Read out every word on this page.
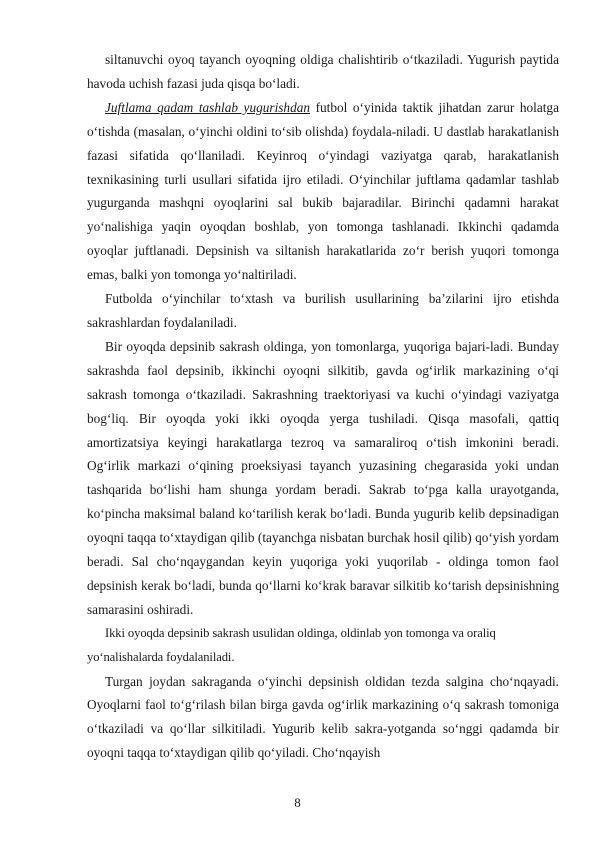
siltanuvchi oyoq tayanch oyoqning oldiga chalishtirib o‘tkaziladi. Yugurish paytida havoda uchish fazasi juda qisqa bo‘ladi.

Juftlama qadam tashlab yugurishdan futbol o‘yinida taktik jihatdan zarur holatga o‘tishda (masalan, o‘yinchi oldini to‘sib olishda) foydala-niladi. U dastlab harakatlanish fazasi sifatida qo‘llaniladi. Keyinroq o‘yindagi vaziyatga qarab, harakatlanish texnikasining turli usullari sifatida ijro etiladi. O‘yinchilar juftlama qadamlar tashlab yugurganda mashqni oyoqlarini sal bukib bajaradilar. Birinchi qadamni harakat yo‘nalishiga yaqin oyoqdan boshlab, yon tomonga tashlanadi. Ikkinchi qadamda oyoqlar juftlanadi. Depsinish va siltanish harakatlarida zo‘r berish yuqori tomonga emas, balki yon tomonga yo‘naltiriladi.

Futbolda o‘yinchilar to‘xtash va burilish usullarining ba’zilarini ijro etishda sakrashlardan foydalaniladi.

Bir oyoqda depsinib sakrash oldinga, yon tomonlarga, yuqoriga bajari-ladi. Bunday sakrashda faol depsinib, ikkinchi oyoqni silkitib, gavda og‘irlik markazining o‘qi sakrash tomonga o‘tkaziladi. Sakrashning traektoriyasi va kuchi o‘yindagi vaziyatga bog‘liq. Bir oyoqda yoki ikki oyoqda yerga tushiladi. Qisqa masofali, qattiq amortizatsiya keyingi harakatlarga tezroq va samaraliroq o‘tish imkonini beradi. Og‘irlik markazi o‘qining proeksiyasi tayanch yuzasining chegarasida yoki undan tashqarida bo‘lishi ham shunga yordam beradi. Sakrab to‘pga kalla urayotganda, ko‘pincha maksimal baland ko‘tarilish kerak bo‘ladi. Bunda yugurib kelib depsinadigan oyoqni taqqa to‘xtaydigan qilib (tayanchga nisbatan burchak hosil qilib) qo‘yish yordam beradi. Sal cho‘nqaygandan keyin yuqoriga yoki yuqorilab - oldinga tomon faol depsinish kerak bo‘ladi, bunda qo‘llarni ko‘krak baravar silkitib ko‘tarish depsinishning samarasini oshiradi.

Ikki oyoqda depsinib sakrash usulidan oldinga, oldinlab yon tomonga va oraliq yo‘nalishalarda foydalaniladi.

Turgan joydan sakraganda o‘yinchi depsinish oldidan tezda salgina cho‘nqayadi. Oyoqlarni faol to‘g‘rilash bilan birga gavda og‘irlik markazining o‘q sakrash tomoniga o‘tkaziladi va qo‘llar silkitiladi. Yugurib kelib sakra-yotganda so‘nggi qadamda bir oyoqni taqqa to‘xtaydigan qilib qo‘yiladi. Cho‘nqayish

8
